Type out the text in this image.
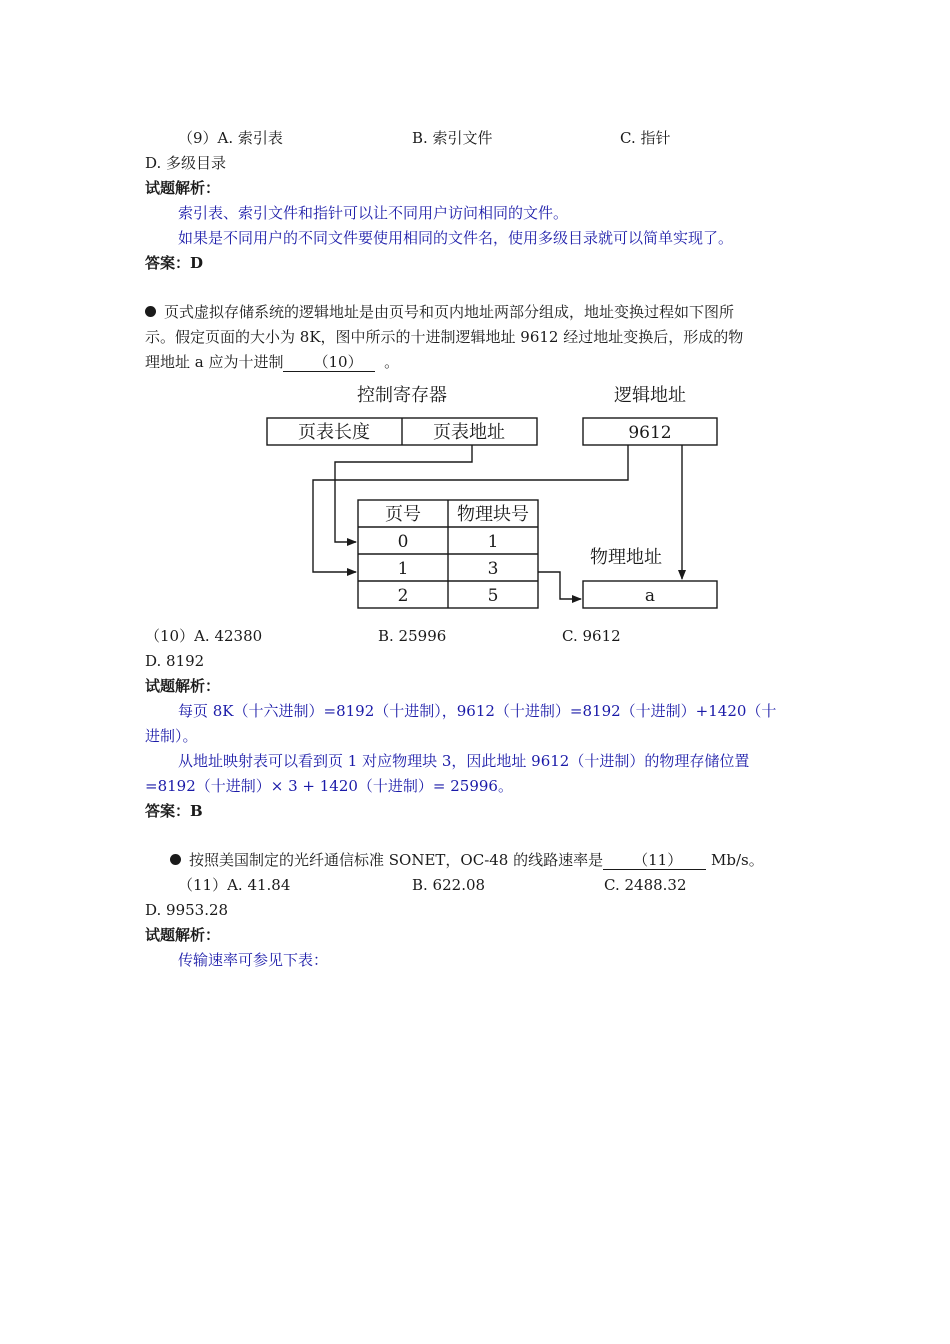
（9）A. 索引表	B. 索引文件	C. 指针
D. 多级目录
试题解析：
索引表、索引文件和指针可以让不同用户访问相同的文件。
如果是不同用户的不同文件要使用相同的文件名，使用多级目录就可以简单实现了。
答案：D
页式虚拟存储系统的逻辑地址是由页号和页内地址两部分组成，地址变换过程如下图所
示。假定页面的大小为 8K，图中所示的十进制逻辑地址 9612 经过地址变换后，形成的物
理地址 a 应为十进制 （10） 。
控制寄存器
页表长度	页表地址
逻辑地址
9612
页号 物理块号
0	1
1	3
2	5
物理地址
a
（10）A. 42380	B. 25996	C. 9612
D. 8192
试题解析：
每页 8K（十六进制）=8192（十进制），9612（十进制）=8192（十进制）+1420（十
进制）。
从地址映射表可以看到页 1 对应物理块 3，因此地址 9612（十进制）的物理存储位置
=8192（十进制）× 3 + 1420（十进制）= 25996。
答案：B
按照美国制定的光纤通信标准 SONET，OC-48 的线路速率是 （11） Mb/s。
（11）A. 41.84	B. 622.08	C. 2488.32
D. 9953.28
试题解析：
传输速率可参见下表：
